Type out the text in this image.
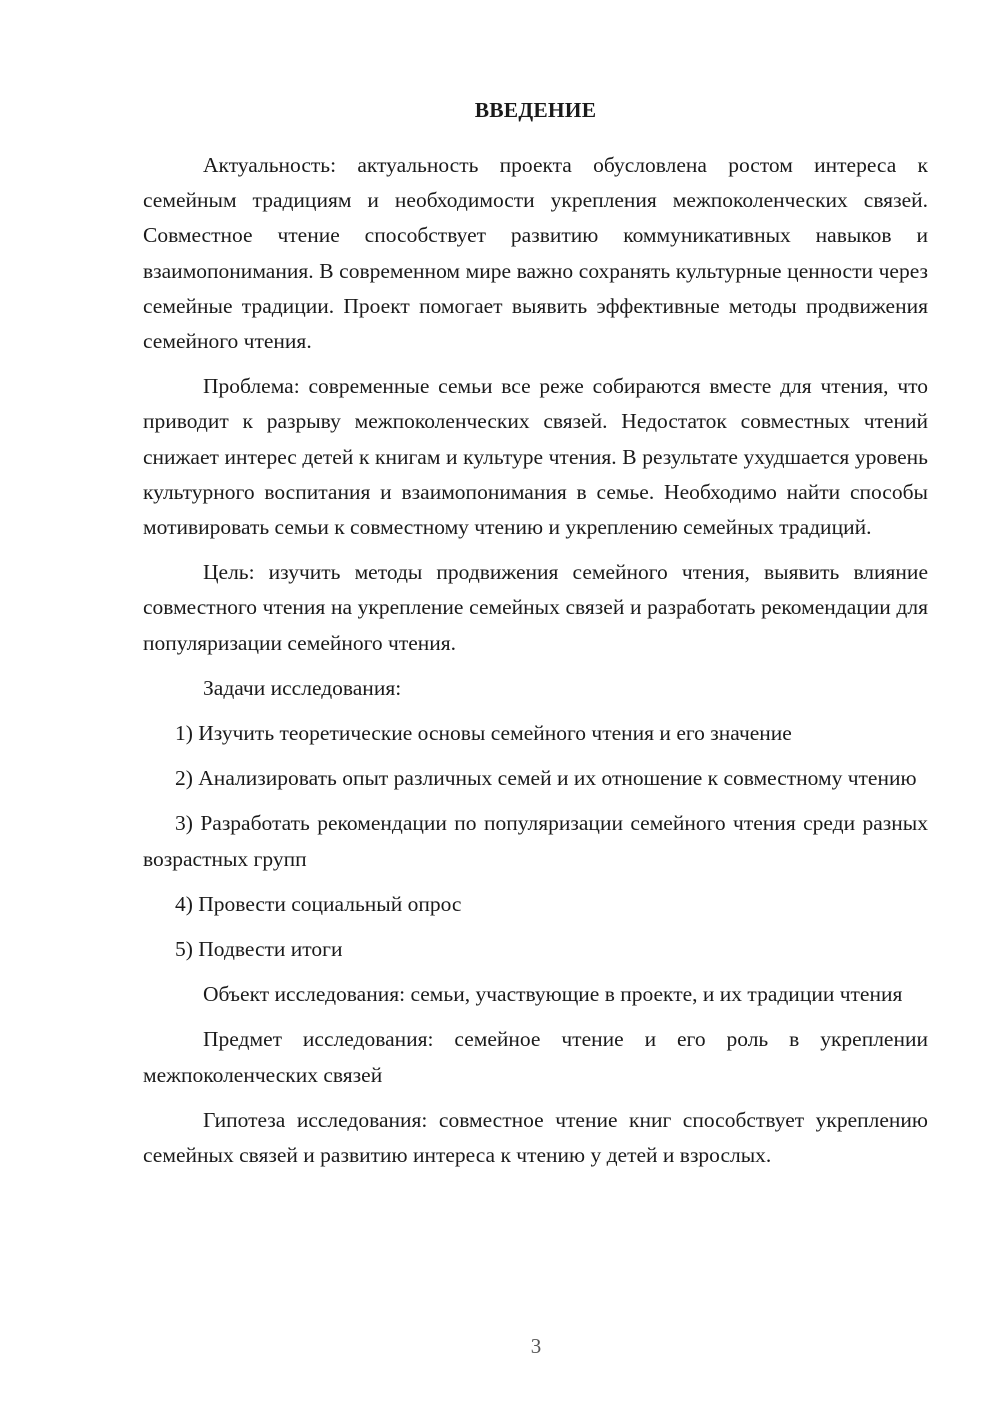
ВВЕДЕНИЕ

Актуальность: актуальность проекта обусловлена ростом интереса к семейным традициям и необходимости укрепления межпоколенческих связей. Совместное чтение способствует развитию коммуникативных навыков и взаимопонимания. В современном мире важно сохранять культурные ценности через семейные традиции. Проект помогает выявить эффективные методы продвижения семейного чтения.

Проблема: современные семьи все реже собираются вместе для чтения, что приводит к разрыву межпоколенческих связей. Недостаток совместных чтений снижает интерес детей к книгам и культуре чтения. В результате ухудшается уровень культурного воспитания и взаимопонимания в семье. Необходимо найти способы мотивировать семьи к совместному чтению и укреплению семейных традиций.

Цель: изучить методы продвижения семейного чтения, выявить влияние совместного чтения на укрепление семейных связей и разработать рекомендации для популяризации семейного чтения.

Задачи исследования:

1) Изучить теоретические основы семейного чтения и его значение

2) Анализировать опыт различных семей и их отношение к совместному чтению

3) Разработать рекомендации по популяризации семейного чтения среди разных возрастных групп

4) Провести социальный опрос

5) Подвести итоги

Объект исследования: семьи, участвующие в проекте, и их традиции чтения

Предмет исследования: семейное чтение и его роль в укреплении межпоколенческих связей

Гипотеза исследования: совместное чтение книг способствует укреплению семейных связей и развитию интереса к чтению у детей и взрослых.

3
